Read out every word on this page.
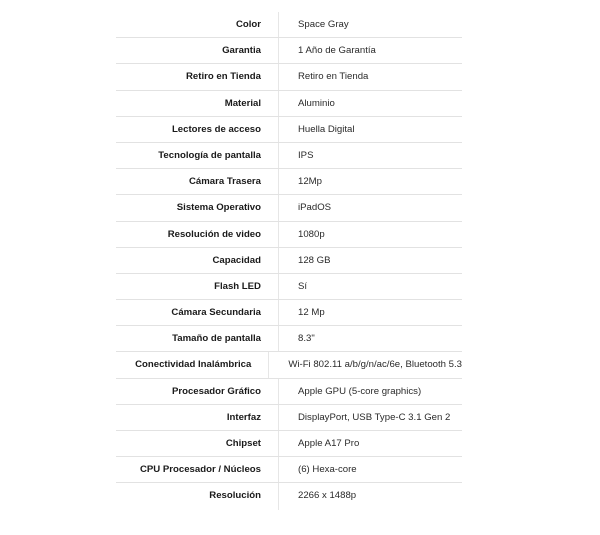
Color	Space Gray
Garantia	1 Año de Garantía
Retiro en Tienda	Retiro en Tienda
Material	Aluminio
Lectores de acceso	Huella Digital
Tecnología de pantalla	IPS
Cámara Trasera	12Mp
Sistema Operativo	iPadOS
Resolución de video	1080p
Capacidad	128 GB
Flash LED	Sí
Cámara Secundaria	12 Mp
Tamaño de pantalla	8.3"
Conectividad Inalámbrica	Wi-Fi 802.11 a/b/g/n/ac/6e, Bluetooth 5.3
Procesador Gráfico	Apple GPU (5-core graphics)
Interfaz	DisplayPort, USB Type-C 3.1 Gen 2
Chipset	Apple A17 Pro
CPU Procesador / Núcleos	(6) Hexa-core
Resolución	2266 x 1488p
